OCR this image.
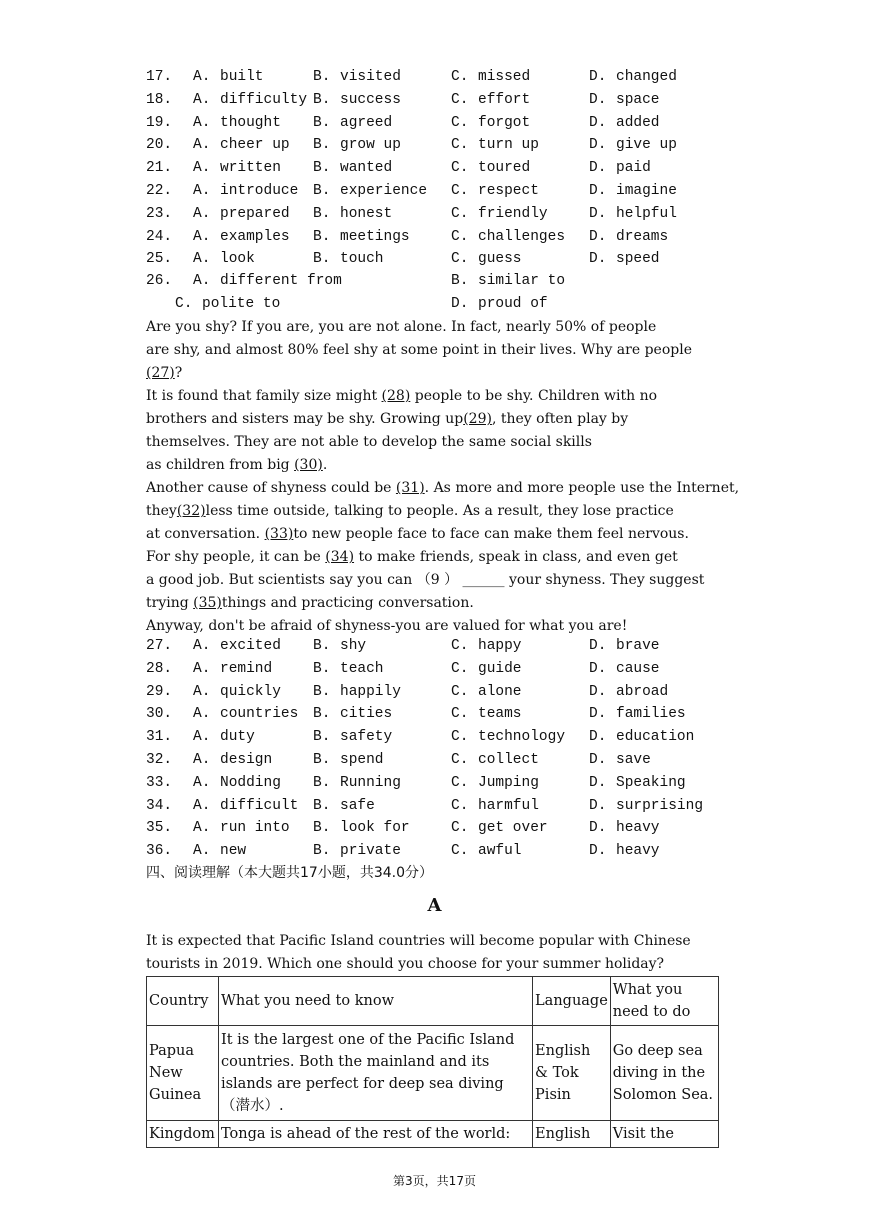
17. A. built	B. visited	C. missed	D. changed
18. A. difficulty B. success	C. effort	D. space
19. A. thought B. agreed	C. forgot	D. added
20. A. cheer up B. grow up	C. turn up	D. give up
21. A. written B. wanted	C. toured	D. paid
22. A. introduce B. experience C. respect	D. imagine
23. A. prepared B. honest	C. friendly	D. helpful
24. A. examples B. meetings	C. challenges D. dreams
25. A. look	B. touch	C. guess	D. speed
26. A. different from	B. similar to
C. polite to	D. proud of
Are you shy? If you are, you are not alone. In fact, nearly 50% of people
are shy, and almost 80% feel shy at some point in their lives. Why are people
(27)?
It is found that family size might (28) people to be shy. Children with no
brothers and sisters may be shy. Growing up(29), they often play by
themselves. They are not able to develop the same social skills
as children from big (30).
Another cause of shyness could be (31). As more and more people use the Internet,
they(32)less time outside, talking to people. As a result, they lose practice
at conversation. (33)to new people face to face can make them feel nervous.
For shy people, it can be (34) to make friends, speak in class, and even get
a good job. But scientists say you can （9 ） ______ your shyness. They suggest
trying (35)things and practicing conversation.
Anyway, don't be afraid of shyness-you are valued for what you are!
27. A. excited B. shy	C. happy	D. brave
28. A. remind	B. teach	C. guide	D. cause
29. A. quickly B. happily	C. alone	D. abroad
30. A. countries B. cities	C. teams	D. families
31. A. duty	B. safety	C. technology D. education
32. A. design	B. spend	C. collect	D. save
33. A. Nodding B. Running	C. Jumping	D. Speaking
34. A. difficult B. safe	C. harmful	D. surprising
35. A. run into B. look for	C. get over	D. heavy
36. A. new	B. private	C. awful	D. heavy
四、阅读理解（本大题共17小题，共34.0分）
A
It is expected that Pacific Island countries will become popular with Chinese
tourists in 2019. Which one should you choose for your summer holiday?
Country	What you need to know	Language	What you need to do
Papua New Guinea	It is the largest one of the Pacific Island countries. Both the mainland and its islands are perfect for deep sea diving （潜水）.	English & Tok Pisin	Go deep sea diving in the Solomon Sea.
Kingdom	Tonga is ahead of the rest of the world:	English	Visit the
第3页，共17页
